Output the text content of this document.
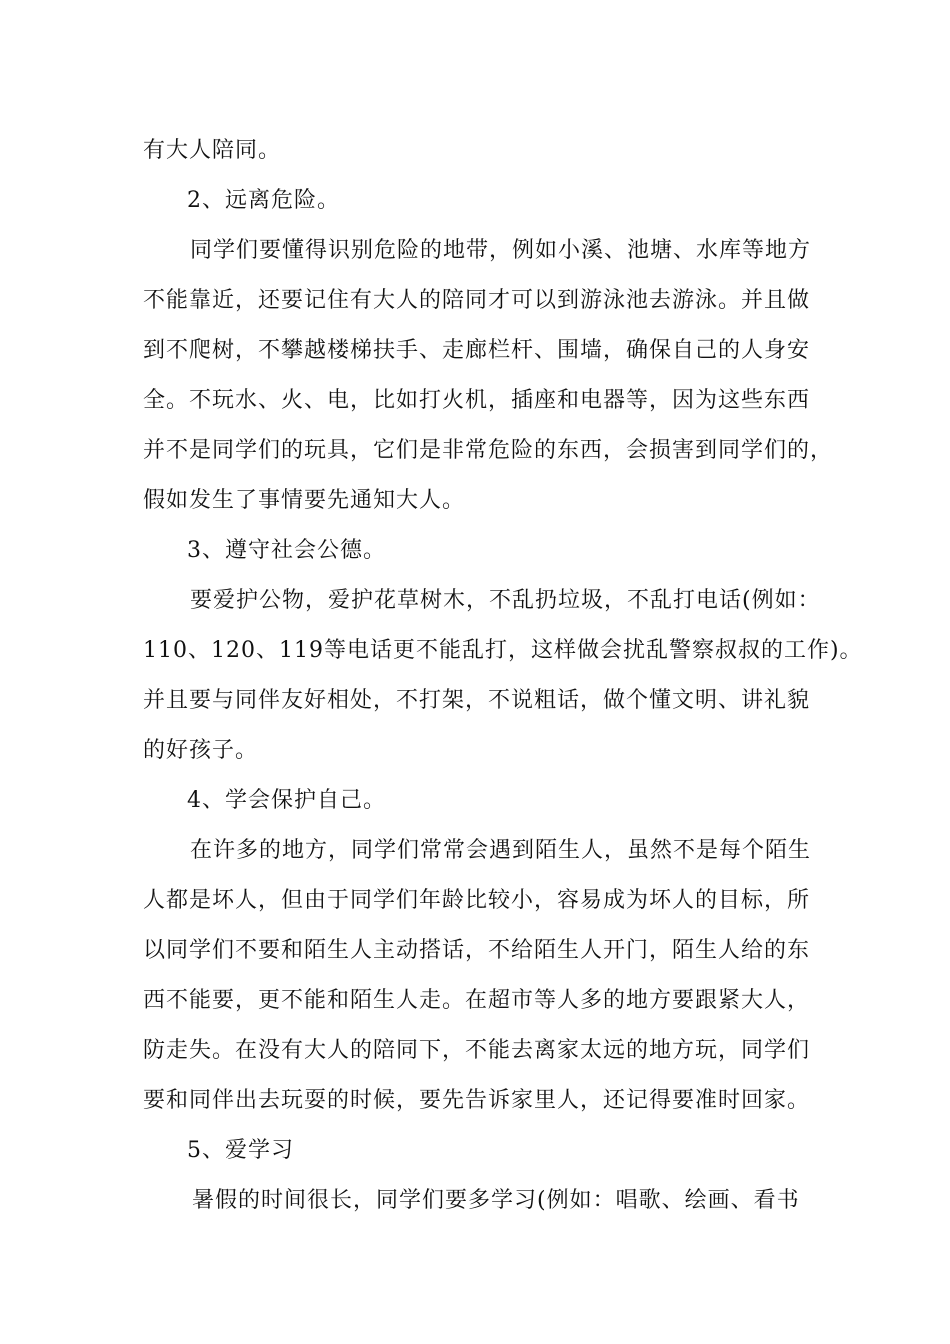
有大人陪同。
2、远离危险。
同学们要懂得识别危险的地带，例如小溪、池塘、水库等地方
不能靠近，还要记住有大人的陪同才可以到游泳池去游泳。并且做
到不爬树，不攀越楼梯扶手、走廊栏杆、围墙，确保自己的人身安
全。不玩水、火、电，比如打火机，插座和电器等，因为这些东西
并不是同学们的玩具，它们是非常危险的东西，会损害到同学们的，
假如发生了事情要先通知大人。
3、遵守社会公德。
要爱护公物，爱护花草树木，不乱扔垃圾，不乱打电话(例如：
110、120、119等电话更不能乱打，这样做会扰乱警察叔叔的工作)。
并且要与同伴友好相处，不打架，不说粗话，做个懂文明、讲礼貌
的好孩子。
4、学会保护自己。
在许多的地方，同学们常常会遇到陌生人，虽然不是每个陌生
人都是坏人，但由于同学们年龄比较小，容易成为坏人的目标，所
以同学们不要和陌生人主动搭话，不给陌生人开门，陌生人给的东
西不能要，更不能和陌生人走。在超市等人多的地方要跟紧大人，
防走失。在没有大人的陪同下，不能去离家太远的地方玩，同学们
要和同伴出去玩耍的时候，要先告诉家里人，还记得要准时回家。
5、爱学习
暑假的时间很长，同学们要多学习(例如：唱歌、绘画、看书
